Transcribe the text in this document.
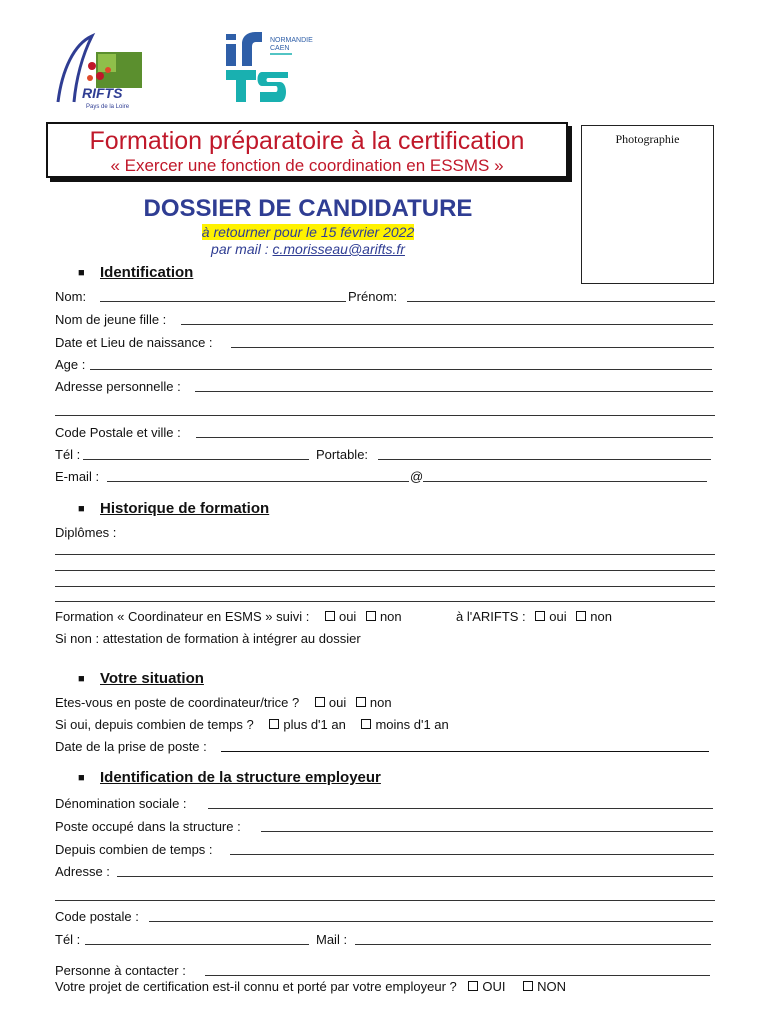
RIFTS
Pays de la Loire
NORMANDIE
CAEN
Formation préparatoire à la certification
« Exercer une fonction de coordination en ESSMS »
Photographie
DOSSIER DE CANDIDATURE
à retourner pour le 15 février 2022
par mail : c.morisseau@arifts.fr
■ Identification
Nom:	Prénom:
Nom de jeune fille :
Date et Lieu de naissance :
Age :
Adresse personnelle :
Code Postale et ville :
Tél :	Portable:
E-mail :	@
■ Historique de formation
Diplômes :
Formation « Coordinateur en ESMS » suivi : oui non	à l'ARIFTS : oui non
Si non : attestation de formation à intégrer au dossier
■ Votre situation
Etes-vous en poste de coordinateur/trice ? oui non
Si oui, depuis combien de temps ? plus d'1 an moins d'1 an
Date de la prise de poste :
■ Identification de la structure employeur
Dénomination sociale :
Poste occupé dans la structure :
Depuis combien de temps :
Adresse :
Code postale :
Tél :	Mail :
Personne à contacter :
Votre projet de certification est-il connu et porté par votre employeur ? OUI NON
